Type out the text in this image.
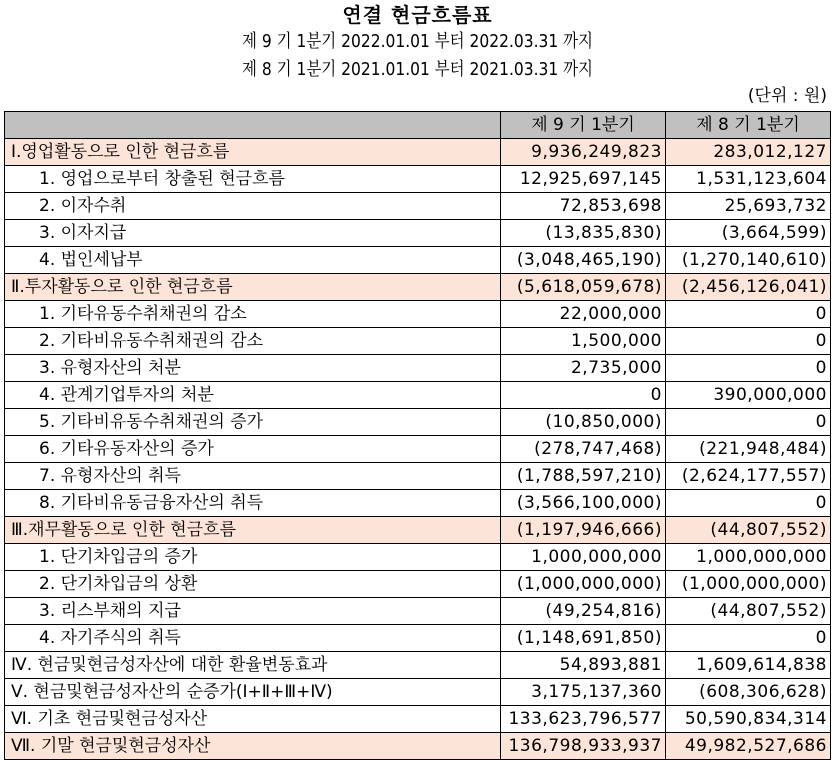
연결 현금흐름표
제 9 기 1분기 2022.01.01 부터 2022.03.31 까지
제 8 기 1분기 2021.01.01 부터 2021.03.31 까지
(단위 : 원)
	제 9 기 1분기	제 8 기 1분기
Ⅰ.영업활동으로 인한 현금흐름	9,936,249,823	283,012,127
1. 영업으로부터 창출된 현금흐름	12,925,697,145	1,531,123,604
2. 이자수취	72,853,698	25,693,732
3. 이자지급	(13,835,830)	(3,664,599)
4. 법인세납부	(3,048,465,190)	(1,270,140,610)
Ⅱ.투자활동으로 인한 현금흐름	(5,618,059,678)	(2,456,126,041)
1. 기타유동수취채권의 감소	22,000,000	0
2. 기타비유동수취채권의 감소	1,500,000	0
3. 유형자산의 처분	2,735,000	0
4. 관계기업투자의 처분	0	390,000,000
5. 기타비유동수취채권의 증가	(10,850,000)	0
6. 기타유동자산의 증가	(278,747,468)	(221,948,484)
7. 유형자산의 취득	(1,788,597,210)	(2,624,177,557)
8. 기타비유동금융자산의 취득	(3,566,100,000)	0
Ⅲ.재무활동으로 인한 현금흐름	(1,197,946,666)	(44,807,552)
1. 단기차입금의 증가	1,000,000,000	1,000,000,000
2. 단기차입금의 상환	(1,000,000,000)	(1,000,000,000)
3. 리스부채의 지급	(49,254,816)	(44,807,552)
4. 자기주식의 취득	(1,148,691,850)	0
Ⅳ. 현금및현금성자산에 대한 환율변동효과	54,893,881	1,609,614,838
Ⅴ. 현금및현금성자산의 순증가(Ⅰ+Ⅱ+Ⅲ+Ⅳ)	3,175,137,360	(608,306,628)
Ⅵ. 기초 현금및현금성자산	133,623,796,577	50,590,834,314
Ⅶ. 기말 현금및현금성자산	136,798,933,937	49,982,527,686
